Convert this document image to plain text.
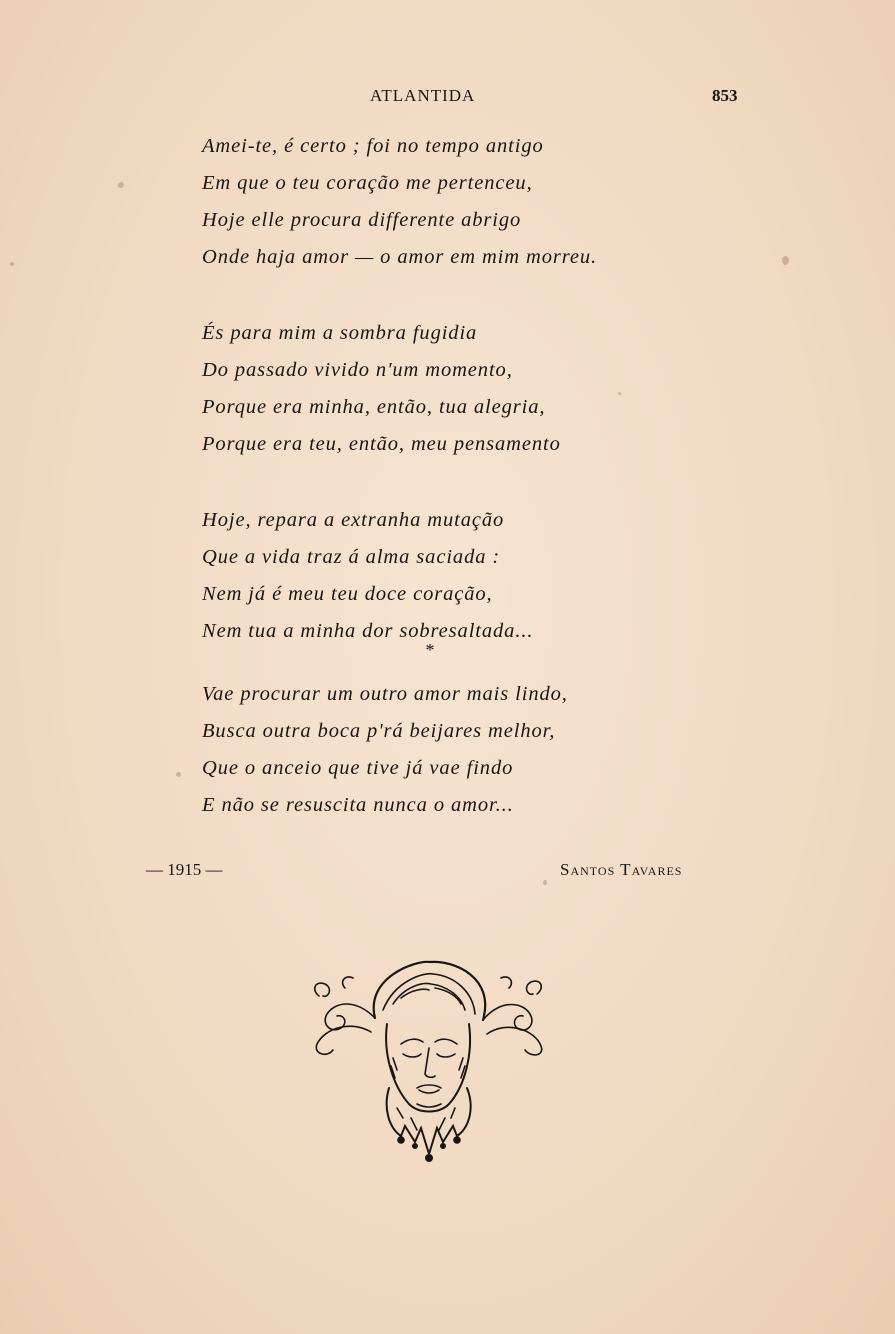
ATLANTIDA	853
Amei-te, é certo ; foi no tempo antigo
Em que o teu coração me pertenceu,
Hoje elle procura differente abrigo
Onde haja amor — o amor em mim morreu.
És para mim a sombra fugidia
Do passado vivido n'um momento,
Porque era minha, então, tua alegria,
Porque era teu, então, meu pensamento
Hoje, repara a extranha mutação
Que a vida traz á alma saciada :
Nem já é meu teu doce coração,
Nem tua a minha dor sobresaltada...
*
Vae procurar um outro amor mais lindo,
Busca outra boca p'rá beijares melhor,
Que o anceio que tive já vae findo
E não se resuscita nunca o amor...
— 1915 —	Santos Tavares
